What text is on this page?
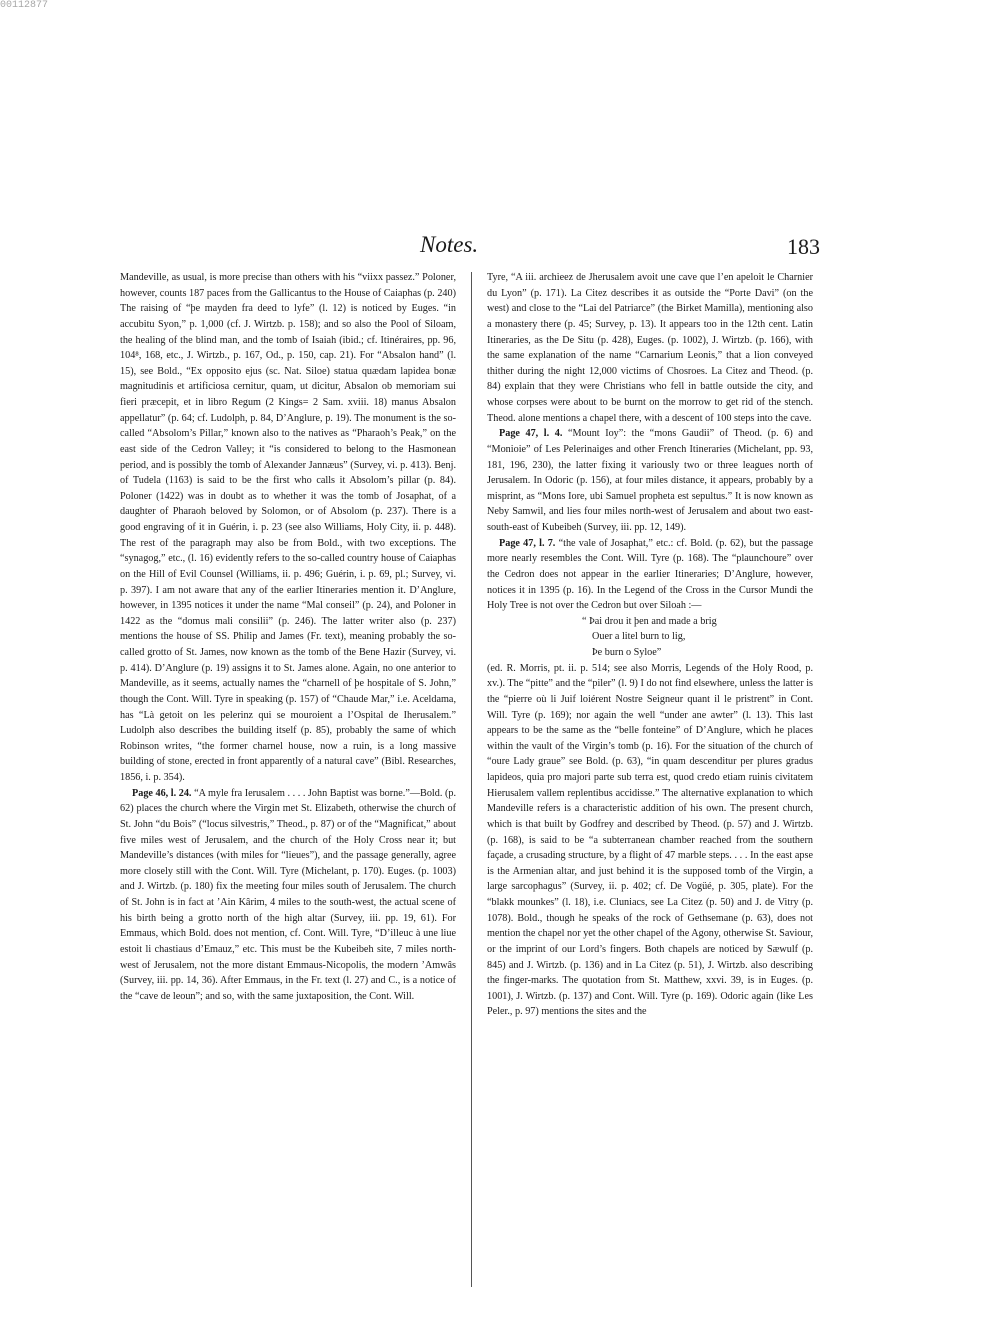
00112877
Notes.	183

Mandeville, as usual, is more precise than others with his “viixx passez.” Poloner, however, counts 187 paces from the Gallicantus to the House of Caiaphas (p. 240) The raising of “þe mayden fra deed to lyfe” (l. 12) is noticed by Euges. “in accubitu Syon,” p. 1,000 (cf. J. Wirtzb. p. 158); and so also the Pool of Siloam, the healing of the blind man, and the tomb of Isaiah (ibid.; cf. Itinéraires, pp. 96, 104⁸, 168, etc., J. Wirtzb., p. 167, Od., p. 150, cap. 21). For “Absalon hand” (l. 15), see Bold., “Ex opposito ejus (sc. Nat. Siloe) statua quædam lapidea bonæ magnitudinis et artificiosa cernitur, quam, ut dicitur, Absalon ob memoriam sui fieri præcepit, et in libro Regum (2 Kings= 2 Sam. xviii. 18) manus Absalon appellatur” (p. 64; cf. Ludolph, p. 84, D’Anglure, p. 19). The monument is the so-called “Absolom’s Pillar,” known also to the natives as “Pharaoh’s Peak,” on the east side of the Cedron Valley; it “is considered to belong to the Hasmonean period, and is possibly the tomb of Alexander Jannæus” (Survey, vi. p. 413). Benj. of Tudela (1163) is said to be the first who calls it Absolom’s pillar (p. 84). Poloner (1422) was in doubt as to whether it was the tomb of Josaphat, of a daughter of Pharaoh beloved by Solomon, or of Absolom (p. 237). There is a good engraving of it in Guérin, i. p. 23 (see also Williams, Holy City, ii. p. 448). The rest of the paragraph may also be from Bold., with two exceptions. The “synagog,” etc., (l. 16) evidently refers to the so-called country house of Caiaphas on the Hill of Evil Counsel (Williams, ii. p. 496; Guérin, i. p. 69, pl.; Survey, vi. p. 397). I am not aware that any of the earlier Itineraries mention it. D’Anglure, however, in 1395 notices it under the name “Mal conseil” (p. 24), and Poloner in 1422 as the “domus mali consilii” (p. 246). The latter writer also (p. 237) mentions the house of SS. Philip and James (Fr. text), meaning probably the so-called grotto of St. James, now known as the tomb of the Bene Hazir (Survey, vi. p. 414). D’Anglure (p. 19) assigns it to St. James alone. Again, no one anterior to Mandeville, as it seems, actually names the “charnell of þe hospitale of S. John,” though the Cont. Will. Tyre in speaking (p. 157) of “Chaude Mar,” i.e. Aceldama, has “Là getoit on les pelerinz qui se mouroient a l’Ospital de Iherusalem.” Ludolph also describes the building itself (p. 85), probably the same of which Robinson writes, “the former charnel house, now a ruin, is a long massive building of stone, erected in front apparently of a natural cave” (Bibl. Researches, 1856, i. p. 354).

Page 46, l. 24. “A myle fra Ierusalem . . . . John Baptist was borne.”—Bold. (p. 62) places the church where the Virgin met St. Elizabeth, otherwise the church of St. John “du Bois” (“locus silvestris,” Theod., p. 87) or of the “Magnificat,” about five miles west of Jerusalem, and the church of the Holy Cross near it; but Mandeville’s distances (with miles for “lieues”), and the passage generally, agree more closely still with the Cont. Will. Tyre (Michelant, p. 170). Euges. (p. 1003) and J. Wirtzb. (p. 180) fix the meeting four miles south of Jerusalem. The church of St. John is in fact at ’Ain Kârim, 4 miles to the south-west, the actual scene of his birth being a grotto north of the high altar (Survey, iii. pp. 19, 61). For Emmaus, which Bold. does not mention, cf. Cont. Will. Tyre, “D’illeuc à une liue estoit li chastiaus d’Emauz,” etc. This must be the Kubeibeh site, 7 miles north-west of Jerusalem, not the more distant Emmaus-Nicopolis, the modern ’Amwâs (Survey, iii. pp. 14, 36). After Emmaus, in the Fr. text (l. 27) and C., is a notice of the “cave de leoun”; and so, with the same juxtaposition, the Cont. Will.

Tyre, “A iii. archieez de Jherusalem avoit une cave que l’en apeloit le Charnier du Lyon” (p. 171). La Citez describes it as outside the “Porte Davi” (on the west) and close to the “Lai del Patriarce” (the Birket Mamilla), mentioning also a monastery there (p. 45; Survey, p. 13). It appears too in the 12th cent. Latin Itineraries, as the De Situ (p. 428), Euges. (p. 1002), J. Wirtzb. (p. 166), with the same explanation of the name “Carnarium Leonis,” that a lion conveyed thither during the night 12,000 victims of Chosroes. La Citez and Theod. (p. 84) explain that they were Christians who fell in battle outside the city, and whose corpses were about to be burnt on the morrow to get rid of the stench. Theod. alone mentions a chapel there, with a descent of 100 steps into the cave.

Page 47, l. 4. “Mount Ioy”: the “mons Gaudii” of Theod. (p. 6) and “Monioie” of Les Pelerinaiges and other French Itineraries (Michelant, pp. 93, 181, 196, 230), the latter fixing it variously two or three leagues north of Jerusalem. In Odoric (p. 156), at four miles distance, it appears, probably by a misprint, as “Mons Iore, ubi Samuel propheta est sepultus.” It is now known as Neby Samwil, and lies four miles north-west of Jerusalem and about two east-south-east of Kubeibeh (Survey, iii. pp. 12, 149).

Page 47, l. 7. “the vale of Josaphat,” etc.: cf. Bold. (p. 62), but the passage more nearly resembles the Cont. Will. Tyre (p. 168). The “plaunchoure” over the Cedron does not appear in the earlier Itineraries; D’Anglure, however, notices it in 1395 (p. 16). In the Legend of the Cross in the Cursor Mundi the Holy Tree is not over the Cedron but over Siloah :—

“ Þai drou it þen and made a brig
Ouer a litel burn to lig,
Þe burn o Syloe”

(ed. R. Morris, pt. ii. p. 514; see also Morris, Legends of the Holy Rood, p. xv.). The “pitte” and the “piler” (l. 9) I do not find elsewhere, unless the latter is the “pierre où li Juif loiérent Nostre Seigneur quant il le pristrent” in Cont. Will. Tyre (p. 169); nor again the well “under ane awter” (l. 13). This last appears to be the same as the “belle fonteine” of D’Anglure, which he places within the vault of the Virgin’s tomb (p. 16). For the situation of the church of “oure Lady graue” see Bold. (p. 63), “in quam descenditur per plures gradus lapideos, quia pro majori parte sub terra est, quod credo etiam ruinis civitatem Hierusalem vallem replentibus accidisse.” The alternative explanation to which Mandeville refers is a characteristic addition of his own. The present church, which is that built by Godfrey and described by Theod. (p. 57) and J. Wirtzb. (p. 168), is said to be “a subterranean chamber reached from the southern façade, a crusading structure, by a flight of 47 marble steps. . . . In the east apse is the Armenian altar, and just behind it is the supposed tomb of the Virgin, a large sarcophagus” (Survey, ii. p. 402; cf. De Vogüé, p. 305, plate). For the “blakk mounkes” (l. 18), i.e. Cluniacs, see La Citez (p. 50) and J. de Vitry (p. 1078). Bold., though he speaks of the rock of Gethsemane (p. 63), does not mention the chapel nor yet the other chapel of the Agony, otherwise St. Saviour, or the imprint of our Lord’s fingers. Both chapels are noticed by Sæwulf (p. 845) and J. Wirtzb. (p. 136) and in La Citez (p. 51), J. Wirtzb. also describing the finger-marks. The quotation from St. Matthew, xxvi. 39, is in Euges. (p. 1001), J. Wirtzb. (p. 137) and Cont. Will. Tyre (p. 169). Odoric again (like Les Peler., p. 97) mentions the sites and the
